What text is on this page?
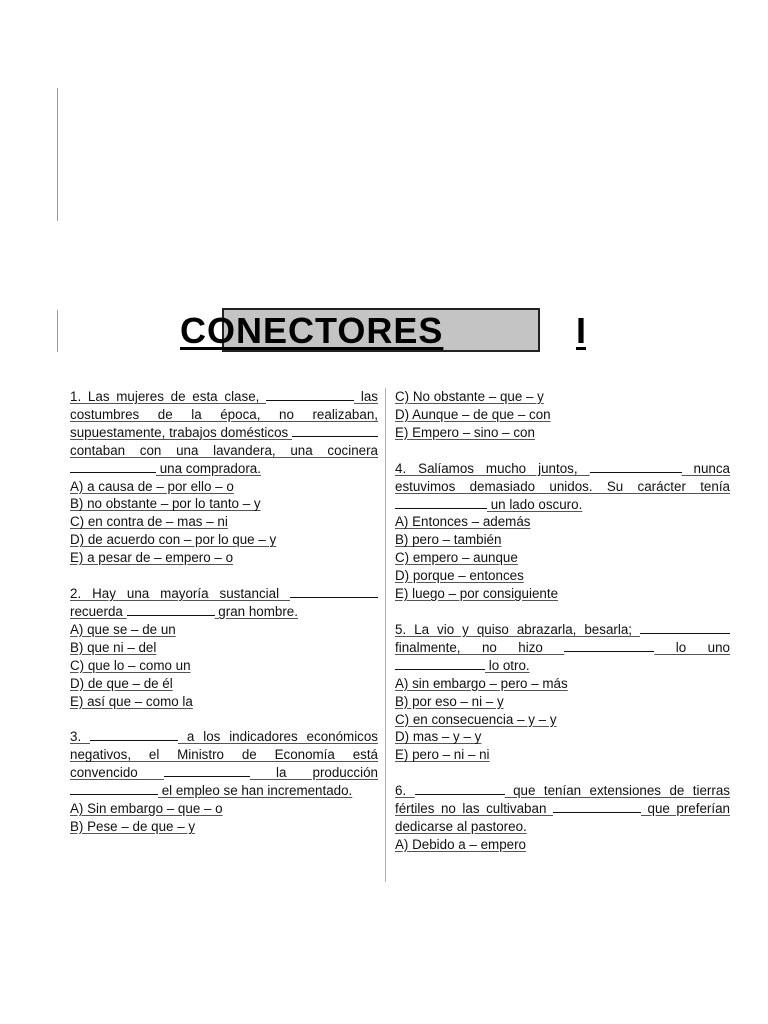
CONECTORES	I
1. Las mujeres de esta clase,	las costumbres de la época, no realizaban, supuestamente, trabajos domésticos  contaban con una lavandera, una cocinera  una compradora.
A) a causa de – por ello – o
B) no obstante – por lo tanto – y
C) en contra de – mas – ni
D) de acuerdo con – por lo que – y
E) a pesar de – empero – o
2. Hay una mayoría sustancial  recuerda	gran hombre.
A) que se – de un
B) que ni – del
C) que lo – como un
D) de que – de él
E) así que – como la
3.	a los indicadores económicos negativos, el Ministro de Economía está convencido	la producción  el empleo se han incrementado.
A) Sin embargo – que – o
B) Pese – de que – y
C) No obstante – que – y
D) Aunque – de que – con
E) Empero – sino – con
4. Salíamos mucho juntos,	nunca estuvimos demasiado unidos. Su carácter tenía  un lado oscuro.
A) Entonces – además
B) pero – también
C) empero – aunque
D) porque – entonces
E) luego – por consiguiente
5. La vio y quiso abrazarla, besarla;  finalmente, no hizo	lo uno  lo otro.
A) sin embargo – pero – más
B) por eso – ni – y
C) en consecuencia – y – y
D) mas – y – y
E) pero – ni – ni
6.	que tenían extensiones de tierras fértiles no las cultivaban	que preferían dedicarse al pastoreo.
A) Debido a – empero
